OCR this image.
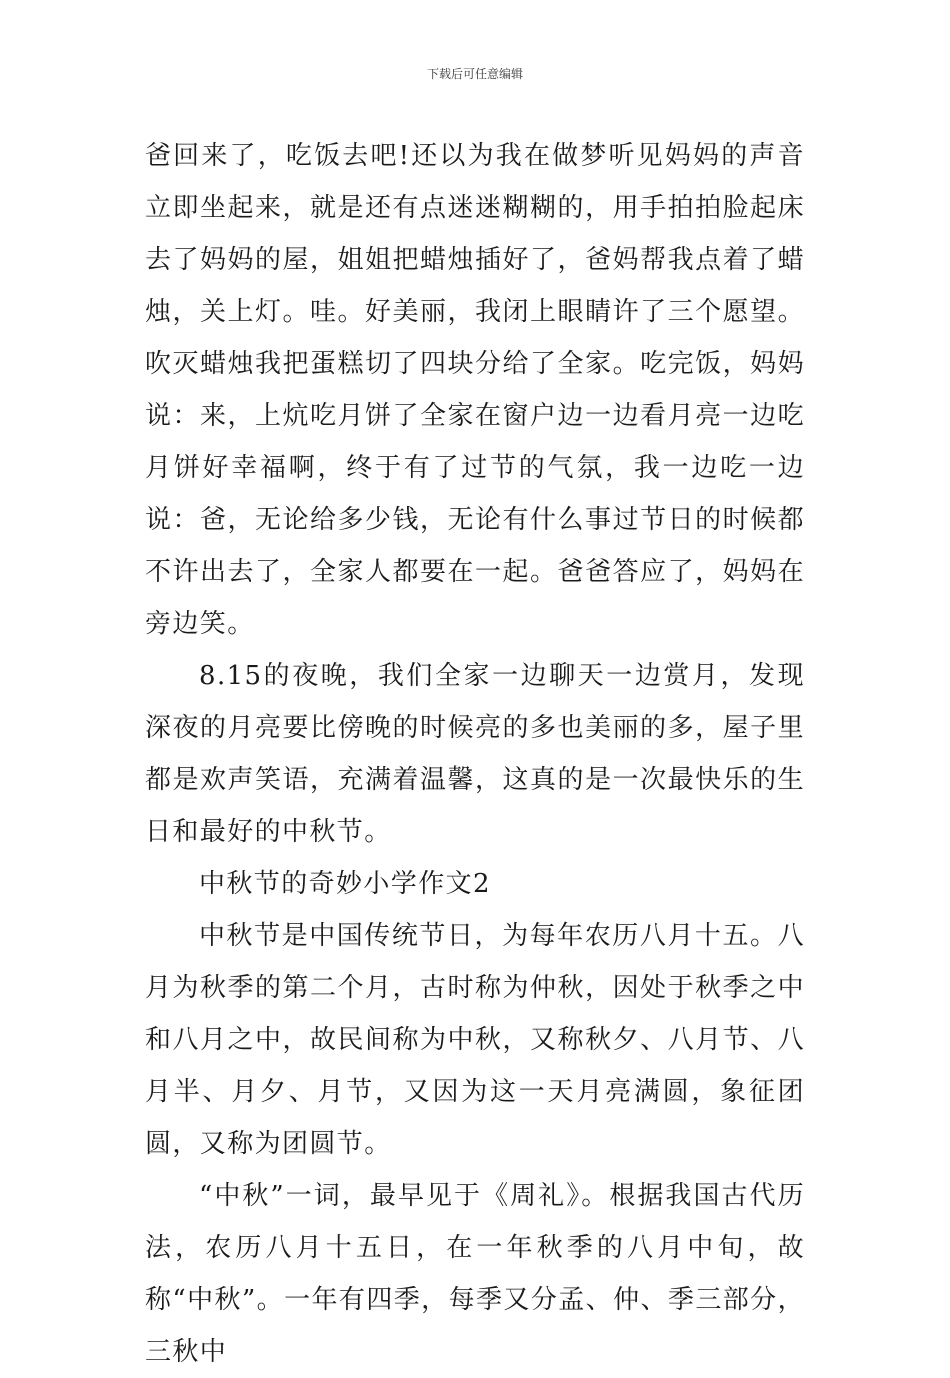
下载后可任意编辑

爸回来了，吃饭去吧!还以为我在做梦听见妈妈的声音立即坐起来，就是还有点迷迷糊糊的，用手拍拍脸起床去了妈妈的屋，姐姐把蜡烛插好了，爸妈帮我点着了蜡烛，关上灯。哇。好美丽，我闭上眼睛许了三个愿望。吹灭蜡烛我把蛋糕切了四块分给了全家。吃完饭，妈妈说：来，上炕吃月饼了全家在窗户边一边看月亮一边吃月饼好幸福啊，终于有了过节的气氛，我一边吃一边说：爸，无论给多少钱，无论有什么事过节日的时候都不许出去了，全家人都要在一起。爸爸答应了，妈妈在旁边笑。

8.15的夜晚，我们全家一边聊天一边赏月，发现深夜的月亮要比傍晚的时候亮的多也美丽的多，屋子里都是欢声笑语，充满着温馨，这真的是一次最快乐的生日和最好的中秋节。

中秋节的奇妙小学作文2

中秋节是中国传统节日，为每年农历八月十五。八月为秋季的第二个月，古时称为仲秋，因处于秋季之中和八月之中，故民间称为中秋，又称秋夕、八月节、八月半、月夕、月节，又因为这一天月亮满圆，象征团圆，又称为团圆节。

“中秋”一词，最早见于《周礼》。根据我国古代历法，农历八月十五日，在一年秋季的八月中旬，故称“中秋”。一年有四季，每季又分孟、仲、季三部分，三秋中
